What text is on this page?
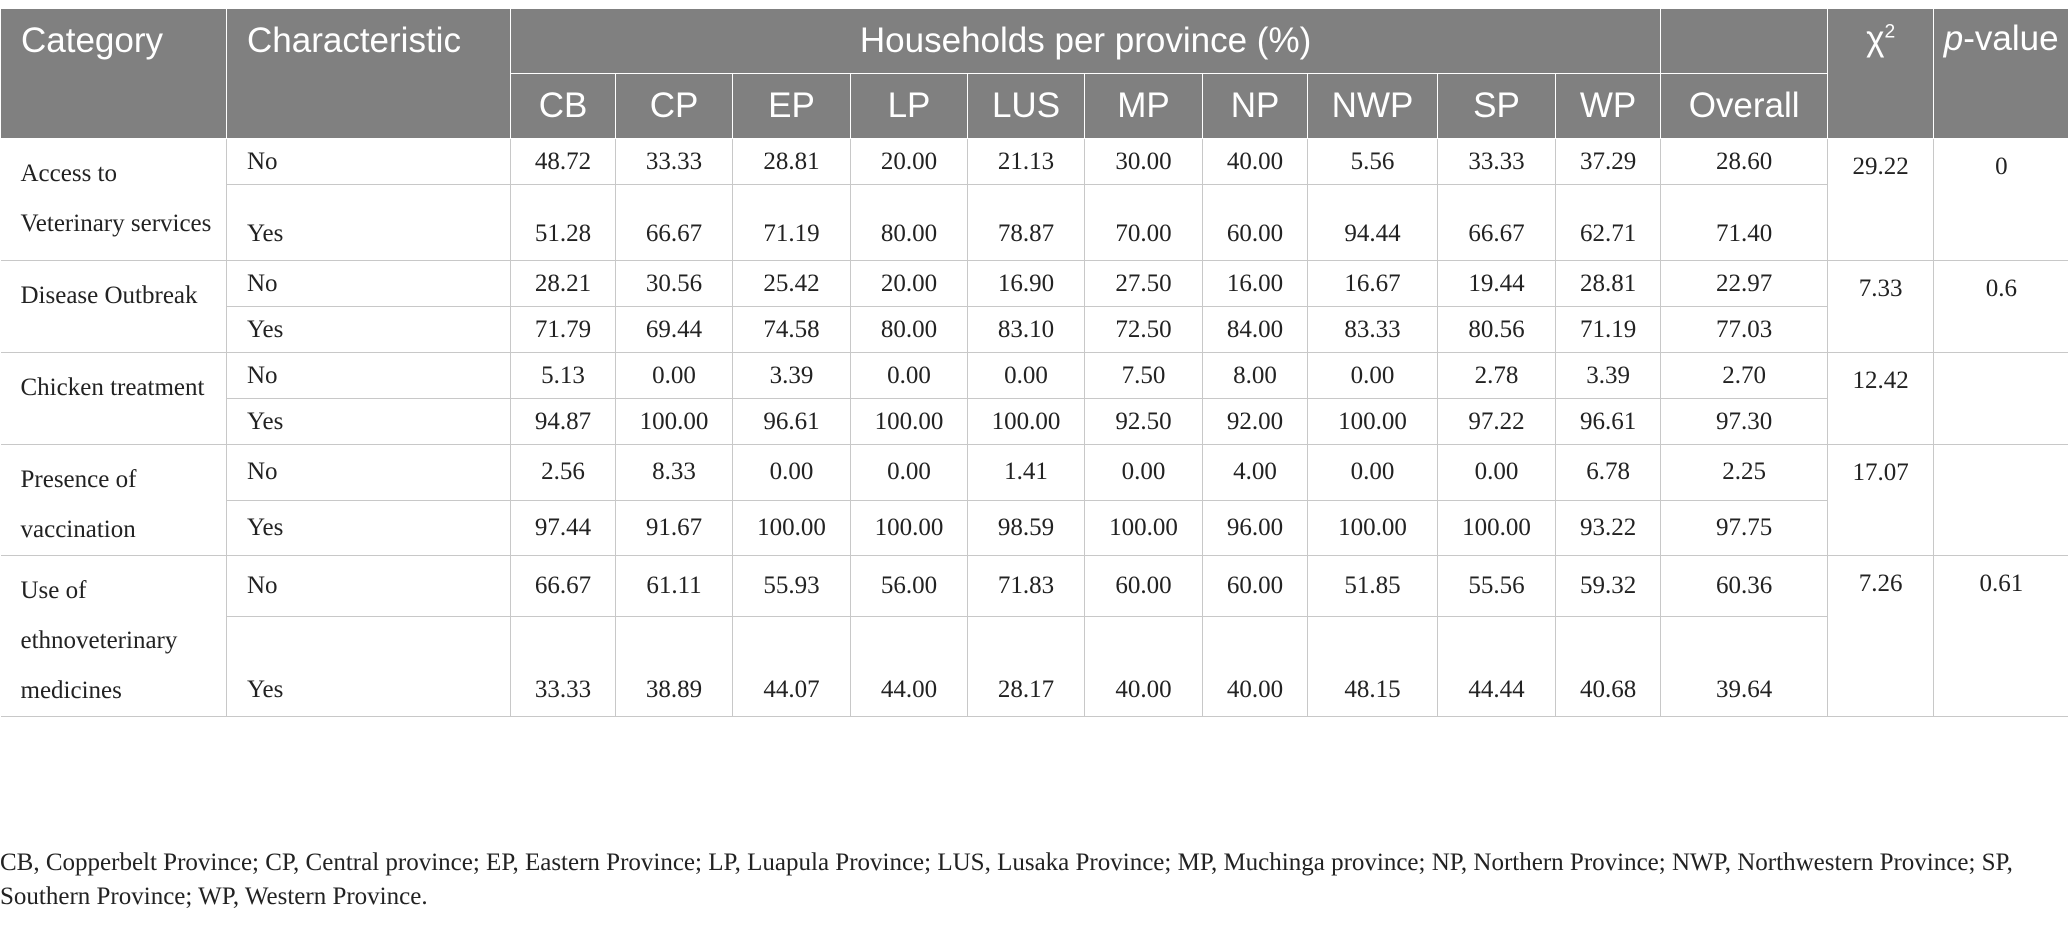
Category	Characteristic	Households per province (%)											$\chi^2$	p-value
		CB	CP	EP	LP	LUS	MP	NP	NWP	SP	WP	Overall		
Access to Veterinary services	No	48.72	33.33	28.81	20.00	21.13	30.00	40.00	5.56	33.33	37.29	28.60	29.22	0
	Yes	51.28	66.67	71.19	80.00	78.87	70.00	60.00	94.44	66.67	62.71	71.40		
Disease Outbreak	No	28.21	30.56	25.42	20.00	16.90	27.50	16.00	16.67	19.44	28.81	22.97	7.33	0.6
	Yes	71.79	69.44	74.58	80.00	83.10	72.50	84.00	83.33	80.56	71.19	77.03		
Chicken treatment	No	5.13	0.00	3.39	0.00	0.00	7.50	8.00	0.00	2.78	3.39	2.70	12.42	
	Yes	94.87	100.00	96.61	100.00	100.00	92.50	92.00	100.00	97.22	96.61	97.30		
Presence of vaccination	No	2.56	8.33	0.00	0.00	1.41	0.00	4.00	0.00	0.00	6.78	2.25	17.07	
	Yes	97.44	91.67	100.00	100.00	98.59	100.00	96.00	100.00	100.00	93.22	97.75		
Use of ethnoveterinary medicines	No	66.67	61.11	55.93	56.00	71.83	60.00	60.00	51.85	55.56	59.32	60.36	7.26	0.61
	Yes	33.33	38.89	44.07	44.00	28.17	40.00	40.00	48.15	44.44	40.68	39.64		
CB, Copperbelt Province; CP, Central province; EP, Eastern Province; LP, Luapula Province; LUS, Lusaka Province; MP, Muchinga province; NP, Northern Province; NWP, Northwestern Province; SP, Southern Province; WP, Western Province.
